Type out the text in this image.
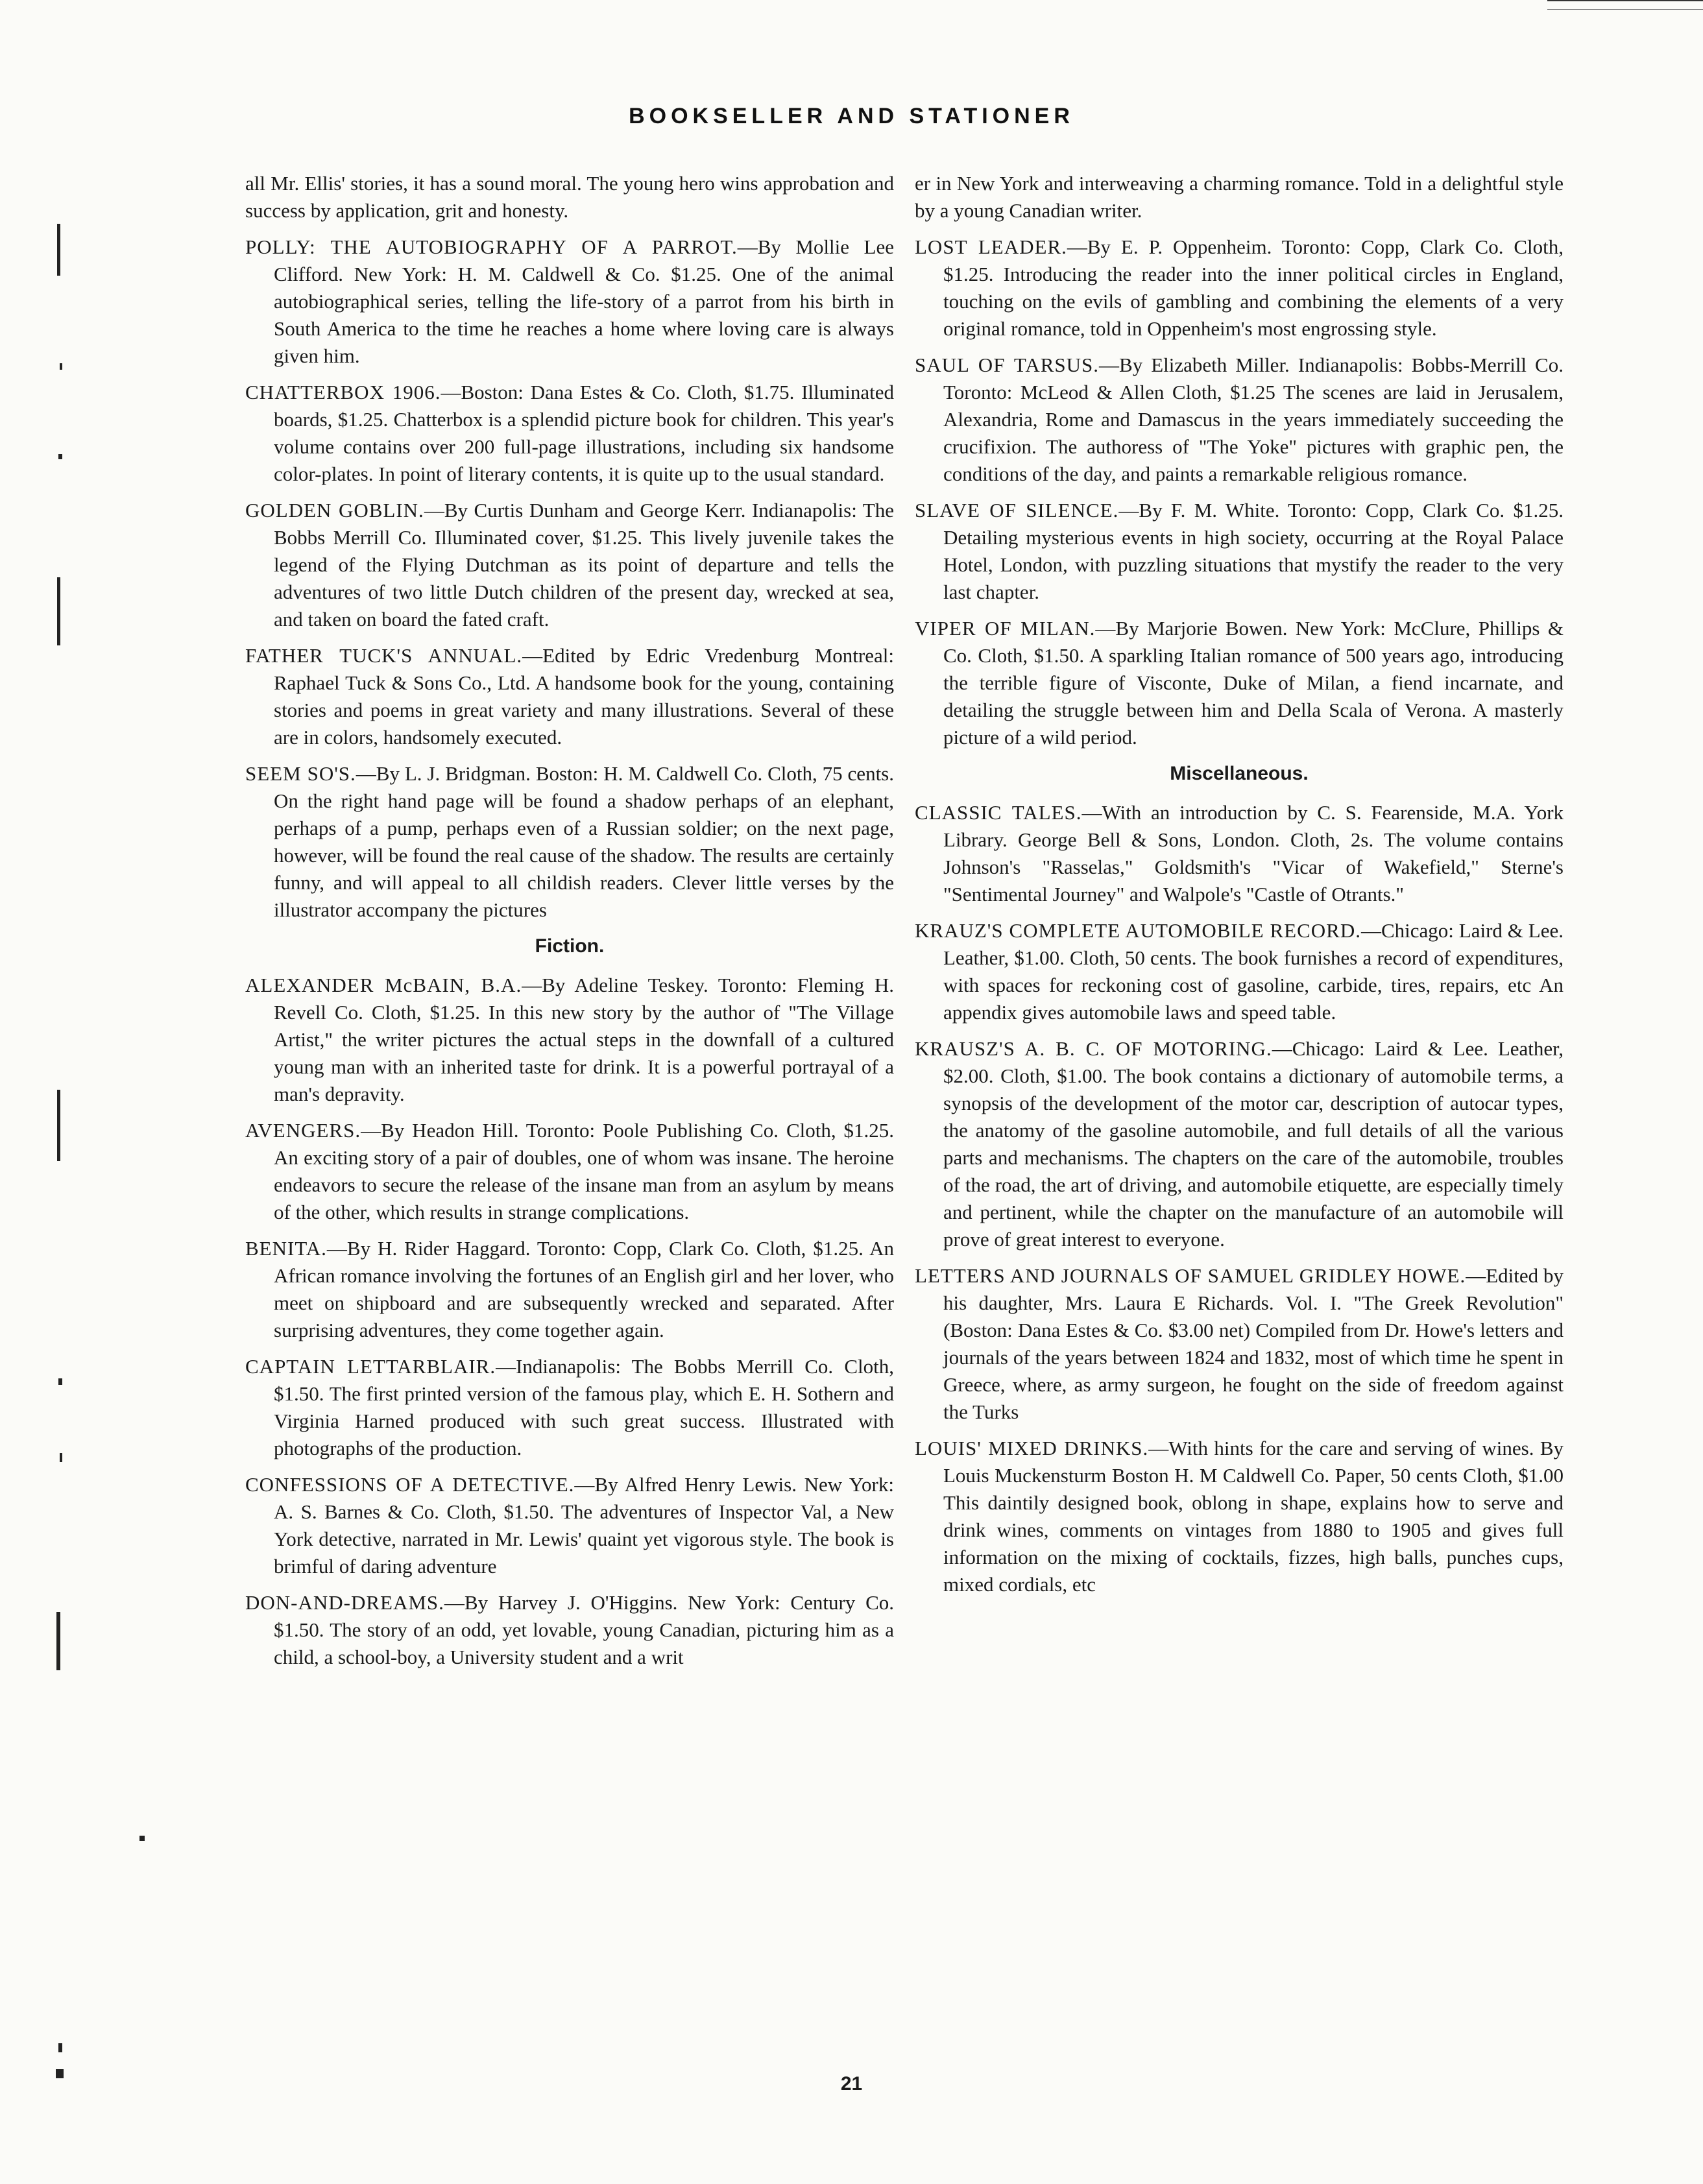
BOOKSELLER AND STATIONER

all Mr. Ellis' stories, it has a sound moral. The young hero wins approbation and success by application, grit and honesty.

POLLY: THE AUTOBIOGRAPHY OF A PARROT.—By Mollie Lee Clifford. New York: H. M. Caldwell & Co. $1.25. One of the animal autobiographical series, telling the life-story of a parrot from his birth in South America to the time he reaches a home where loving care is always given him.

CHATTERBOX 1906.—Boston: Dana Estes & Co. Cloth, $1.75. Illuminated boards, $1.25. Chatterbox is a splendid picture book for children. This year's volume contains over 200 full-page illustrations, including six handsome color-plates. In point of literary contents, it is quite up to the usual standard.

GOLDEN GOBLIN.—By Curtis Dunham and George Kerr. Indianapolis: The Bobbs Merrill Co. Illuminated cover, $1.25. This lively juvenile takes the legend of the Flying Dutchman as its point of departure and tells the adventures of two little Dutch children of the present day, wrecked at sea, and taken on board the fated craft.

FATHER TUCK'S ANNUAL.—Edited by Edric Vredenburg Montreal: Raphael Tuck & Sons Co., Ltd. A handsome book for the young, containing stories and poems in great variety and many illustrations. Several of these are in colors, handsomely executed.

SEEM SO'S.—By L. J. Bridgman. Boston: H. M. Caldwell Co. Cloth, 75 cents. On the right hand page will be found a shadow perhaps of an elephant, perhaps of a pump, perhaps even of a Russian soldier; on the next page, however, will be found the real cause of the shadow. The results are certainly funny, and will appeal to all childish readers. Clever little verses by the illustrator accompany the pictures

Fiction.

ALEXANDER McBAIN, B.A.—By Adeline Teskey. Toronto: Fleming H. Revell Co. Cloth, $1.25. In this new story by the author of "The Village Artist," the writer pictures the actual steps in the downfall of a cultured young man with an inherited taste for drink. It is a powerful portrayal of a man's depravity.

AVENGERS.—By Headon Hill. Toronto: Poole Publishing Co. Cloth, $1.25. An exciting story of a pair of doubles, one of whom was insane. The heroine endeavors to secure the release of the insane man from an asylum by means of the other, which results in strange complications.

BENITA.—By H. Rider Haggard. Toronto: Copp, Clark Co. Cloth, $1.25. An African romance involving the fortunes of an English girl and her lover, who meet on shipboard and are subsequently wrecked and separated. After surprising adventures, they come together again.

CAPTAIN LETTARBLAIR.—Indianapolis: The Bobbs Merrill Co. Cloth, $1.50. The first printed version of the famous play, which E. H. Sothern and Virginia Harned produced with such great success. Illustrated with photographs of the production.

CONFESSIONS OF A DETECTIVE.—By Alfred Henry Lewis. New York: A. S. Barnes & Co. Cloth, $1.50. The adventures of Inspector Val, a New York detective, narrated in Mr. Lewis' quaint yet vigorous style. The book is brimful of daring adventure

DON-AND-DREAMS.—By Harvey J. O'Higgins. New York: Century Co. $1.50. The story of an odd, yet lovable, young Canadian, picturing him as a child, a school-boy, a University student and a writ

er in New York and interweaving a charming romance. Told in a delightful style by a young Canadian writer.

LOST LEADER.—By E. P. Oppenheim. Toronto: Copp, Clark Co. Cloth, $1.25. Introducing the reader into the inner political circles in England, touching on the evils of gambling and combining the elements of a very original romance, told in Oppenheim's most engrossing style.

SAUL OF TARSUS.—By Elizabeth Miller. Indianapolis: Bobbs-Merrill Co. Toronto: McLeod & Allen Cloth, $1.25 The scenes are laid in Jerusalem, Alexandria, Rome and Damascus in the years immediately succeeding the crucifixion. The authoress of "The Yoke" pictures with graphic pen, the conditions of the day, and paints a remarkable religious romance.

SLAVE OF SILENCE.—By F. M. White. Toronto: Copp, Clark Co. $1.25. Detailing mysterious events in high society, occurring at the Royal Palace Hotel, London, with puzzling situations that mystify the reader to the very last chapter.

VIPER OF MILAN.—By Marjorie Bowen. New York: McClure, Phillips & Co. Cloth, $1.50. A sparkling Italian romance of 500 years ago, introducing the terrible figure of Visconte, Duke of Milan, a fiend incarnate, and detailing the struggle between him and Della Scala of Verona. A masterly picture of a wild period.

Miscellaneous.

CLASSIC TALES.—With an introduction by C. S. Fearenside, M.A. York Library. George Bell & Sons, London. Cloth, 2s. The volume contains Johnson's "Rasselas," Goldsmith's "Vicar of Wakefield," Sterne's "Sentimental Journey" and Walpole's "Castle of Otrants."

KRAUZ'S COMPLETE AUTOMOBILE RECORD.—Chicago: Laird & Lee. Leather, $1.00. Cloth, 50 cents. The book furnishes a record of expenditures, with spaces for reckoning cost of gasoline, carbide, tires, repairs, etc An appendix gives automobile laws and speed table.

KRAUSZ'S A. B. C. OF MOTORING.—Chicago: Laird & Lee. Leather, $2.00. Cloth, $1.00. The book contains a dictionary of automobile terms, a synopsis of the development of the motor car, description of autocar types, the anatomy of the gasoline automobile, and full details of all the various parts and mechanisms. The chapters on the care of the automobile, troubles of the road, the art of driving, and automobile etiquette, are especially timely and pertinent, while the chapter on the manufacture of an automobile will prove of great interest to everyone.

LETTERS AND JOURNALS OF SAMUEL GRIDLEY HOWE.—Edited by his daughter, Mrs. Laura E Richards. Vol. I. "The Greek Revolution" (Boston: Dana Estes & Co. $3.00 net) Compiled from Dr. Howe's letters and journals of the years between 1824 and 1832, most of which time he spent in Greece, where, as army surgeon, he fought on the side of freedom against the Turks

LOUIS' MIXED DRINKS.—With hints for the care and serving of wines. By Louis Muckensturm Boston H. M Caldwell Co. Paper, 50 cents Cloth, $1.00 This daintily designed book, oblong in shape, explains how to serve and drink wines, comments on vintages from 1880 to 1905 and gives full information on the mixing of cocktails, fizzes, high balls, punches cups, mixed cordials, etc

21
